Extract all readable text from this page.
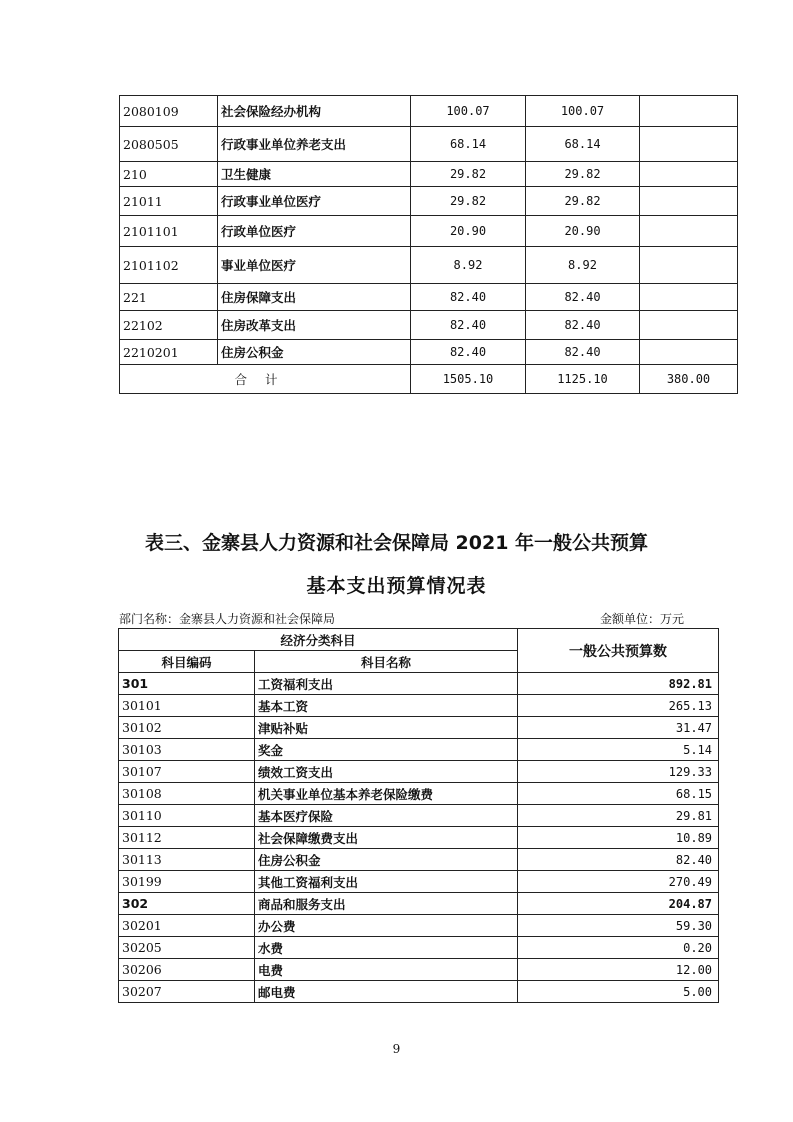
2080109	社会保险经办机构	100.07	100.07	
2080505	行政事业单位养老支出	68.14	68.14	
210	卫生健康	29.82	29.82	
21011	行政事业单位医疗	29.82	29.82	
2101101	行政单位医疗	20.90	20.90	
2101102	事业单位医疗	8.92	8.92	
221	住房保障支出	82.40	82.40	
22102	住房改革支出	82.40	82.40	
2210201	住房公积金	82.40	82.40	
合计		1505.10	1125.10	380.00
表三、金寨县人力资源和社会保障局 2021 年一般公共预算
基本支出预算情况表
部门名称：金寨县人力资源和社会保障局	金额单位：万元
经济分类科目		一般公共预算数
科目编码	科目名称	
301	工资福利支出	892.81
30101	基本工资	265.13
30102	津贴补贴	31.47
30103	奖金	5.14
30107	绩效工资支出	129.33
30108	机关事业单位基本养老保险缴费	68.15
30110	基本医疗保险	29.81
30112	社会保障缴费支出	10.89
30113	住房公积金	82.40
30199	其他工资福利支出	270.49
302	商品和服务支出	204.87
30201	办公费	59.30
30205	水费	0.20
30206	电费	12.00
30207	邮电费	5.00
9
